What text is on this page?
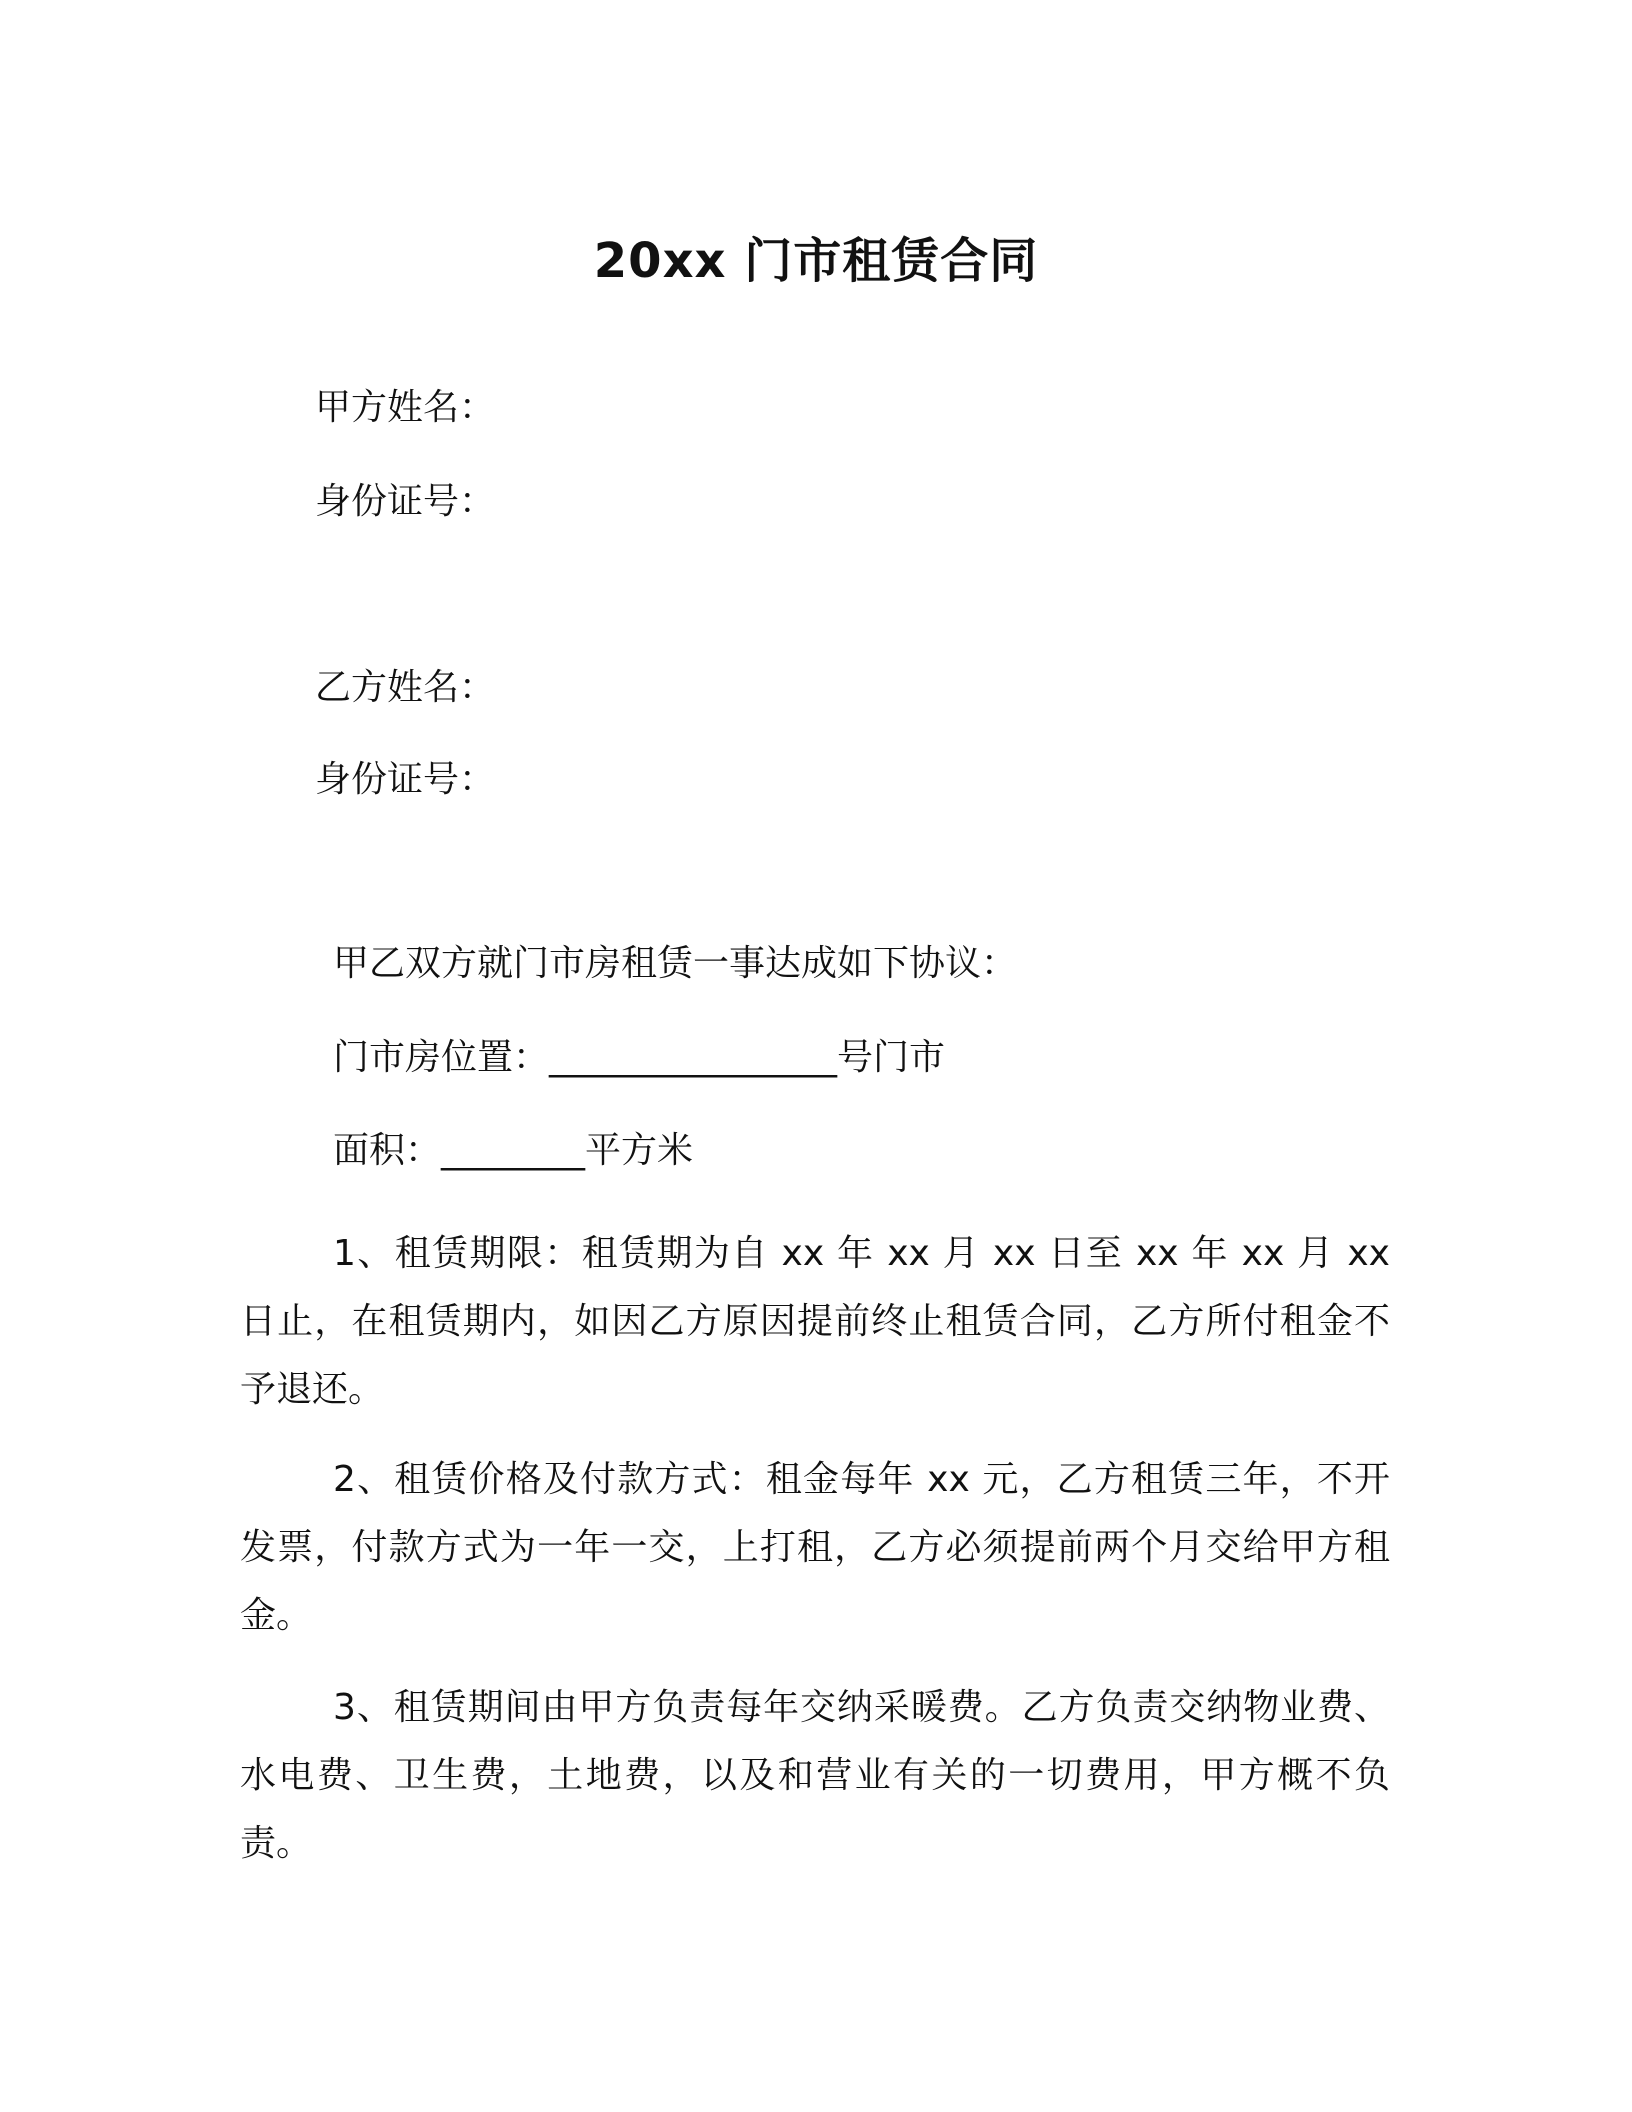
20xx 门市租赁合同
甲方姓名：
身份证号：
乙方姓名：
身份证号：
甲乙双方就门市房租赁一事达成如下协议：
门市房位置：________________号门市
面积：________平方米
1、租赁期限：租赁期为自 xx 年 xx 月 xx 日至 xx 年 xx 月 xx 日止，在租赁期内，如因乙方原因提前终止租赁合同，乙方所付租金不予退还。
2、租赁价格及付款方式：租金每年 xx 元，乙方租赁三年，不开发票，付款方式为一年一交，上打租，乙方必须提前两个月交给甲方租金。
3、租赁期间由甲方负责每年交纳采暖费。乙方负责交纳物业费、水电费、卫生费，土地费，以及和营业有关的一切费用，甲方概不负责。
